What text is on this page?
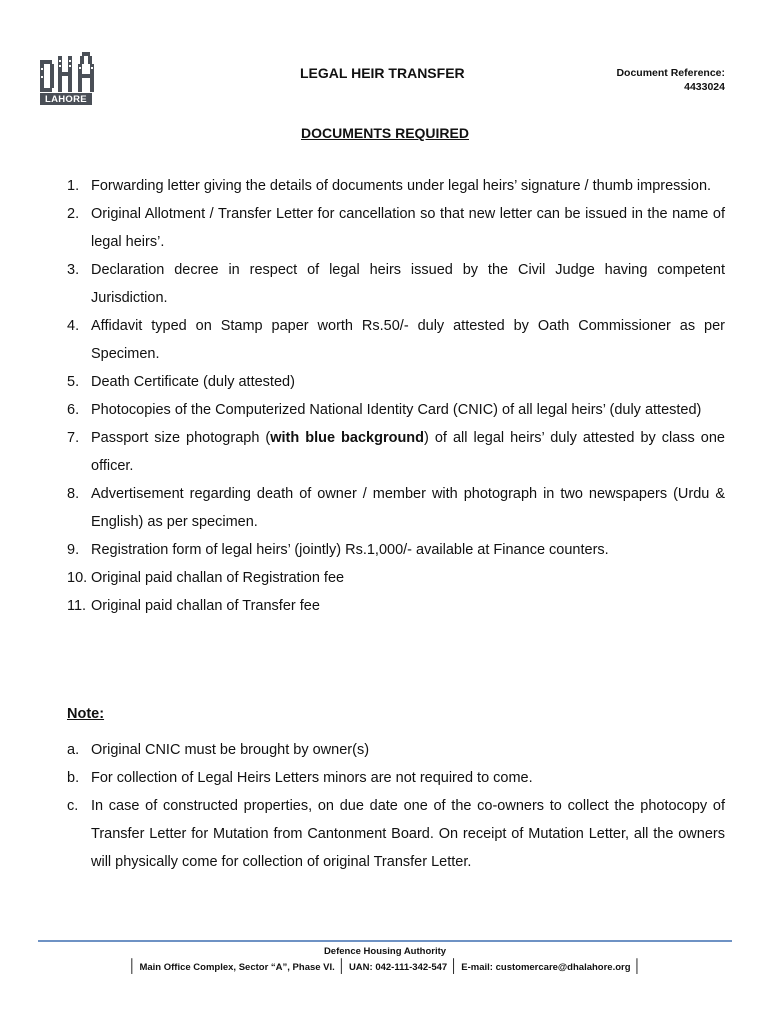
LAHORE
LEGAL HEIR TRANSFER	Document Reference:
4433024
DOCUMENTS REQUIRED
1. Forwarding letter giving the details of documents under legal heirs’ signature / thumb impression.
2. Original Allotment / Transfer Letter for cancellation so that new letter can be issued in the name of legal heirs’.
3. Declaration decree in respect of legal heirs issued by the Civil Judge having competent Jurisdiction.
4. Affidavit typed on Stamp paper worth Rs.50/- duly attested by Oath Commissioner as per Specimen.
5. Death Certificate (duly attested)
6. Photocopies of the Computerized National Identity Card (CNIC) of all legal heirs’ (duly attested)
7. Passport size photograph (with blue background) of all legal heirs’ duly attested by class one officer.
8. Advertisement regarding death of owner / member with photograph in two newspapers (Urdu & English) as per specimen.
9. Registration form of legal heirs’ (jointly) Rs.1,000/- available at Finance counters.
10. Original paid challan of Registration fee
11. Original paid challan of Transfer fee
Note:
a. Original CNIC must be brought by owner(s)
b. For collection of Legal Heirs Letters minors are not required to come.
c. In case of constructed properties, on due date one of the co-owners to collect the photocopy of Transfer Letter for Mutation from Cantonment Board. On receipt of Mutation Letter, all the owners will physically come for collection of original Transfer Letter.
Defence Housing Authority
│ Main Office Complex, Sector “A”, Phase VI. │ UAN: 042-111-342-547 │ E-mail: customercare@dhalahore.org │
